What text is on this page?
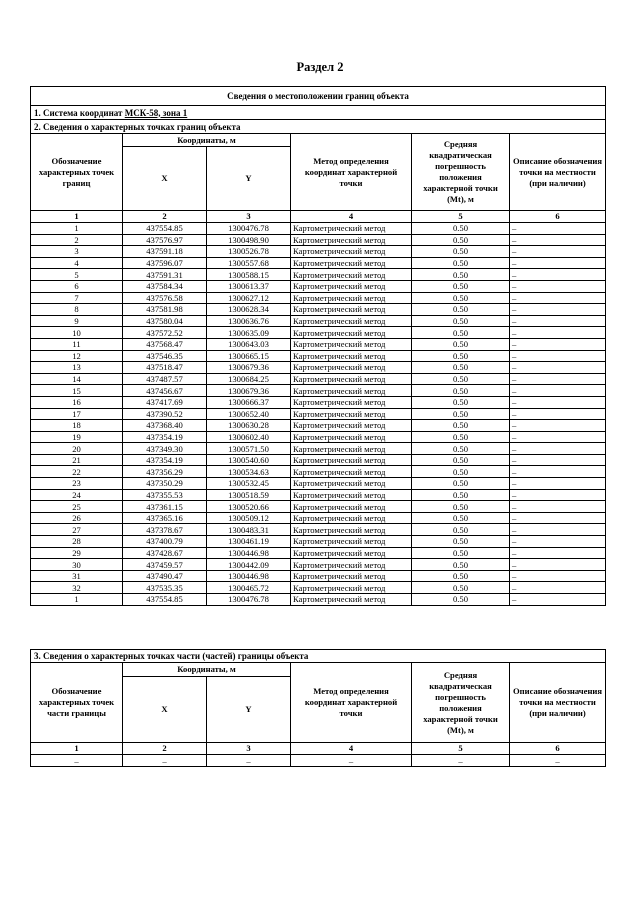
Раздел 2
Сведения о местоположении границ объекта					
1. Система координат МСК-58, зона 1					
2. Сведения о характерных точках границ объекта					
Обозначение характерных точек границ	Координаты, м		Метод определения координат характерной точки	Средняя квадратическая погрешность положения характерной точки (Mt), м	Описание обозначения точки на местности (при наличии)
	X	Y			
1	2	3	4	5	6
1	437554.85	1300476.78	Картометрический метод	0.50	–
2	437576.97	1300498.90	Картометрический метод	0.50	–
3	437591.18	1300526.78	Картометрический метод	0.50	–
4	437596.07	1300557.68	Картометрический метод	0.50	–
5	437591.31	1300588.15	Картометрический метод	0.50	–
6	437584.34	1300613.37	Картометрический метод	0.50	–
7	437576.58	1300627.12	Картометрический метод	0.50	–
8	437581.98	1300628.34	Картометрический метод	0.50	–
9	437580.04	1300636.76	Картометрический метод	0.50	–
10	437572.52	1300635.09	Картометрический метод	0.50	–
11	437568.47	1300643.03	Картометрический метод	0.50	–
12	437546.35	1300665.15	Картометрический метод	0.50	–
13	437518.47	1300679.36	Картометрический метод	0.50	–
14	437487.57	1300684.25	Картометрический метод	0.50	–
15	437456.67	1300679.36	Картометрический метод	0.50	–
16	437417.69	1300666.37	Картометрический метод	0.50	–
17	437390.52	1300652.40	Картометрический метод	0.50	–
18	437368.40	1300630.28	Картометрический метод	0.50	–
19	437354.19	1300602.40	Картометрический метод	0.50	–
20	437349.30	1300571.50	Картометрический метод	0.50	–
21	437354.19	1300540.60	Картометрический метод	0.50	–
22	437356.29	1300534.63	Картометрический метод	0.50	–
23	437350.29	1300532.45	Картометрический метод	0.50	–
24	437355.53	1300518.59	Картометрический метод	0.50	–
25	437361.15	1300520.66	Картометрический метод	0.50	–
26	437365.16	1300509.12	Картометрический метод	0.50	–
27	437378.67	1300483.31	Картометрический метод	0.50	–
28	437400.79	1300461.19	Картометрический метод	0.50	–
29	437428.67	1300446.98	Картометрический метод	0.50	–
30	437459.57	1300442.09	Картометрический метод	0.50	–
31	437490.47	1300446.98	Картометрический метод	0.50	–
32	437535.35	1300465.72	Картометрический метод	0.50	–
1	437554.85	1300476.78	Картометрический метод	0.50	–
3. Сведения о характерных точках части (частей) границы объекта					
Обозначение характерных точек части границы	Координаты, м		Метод определения координат характерной точки	Средняя квадратическая погрешность положения характерной точки (Mt), м	Описание обозначения точки на местности (при наличии)
	X	Y			
1	2	3	4	5	6
–	–	–	–	–	–
